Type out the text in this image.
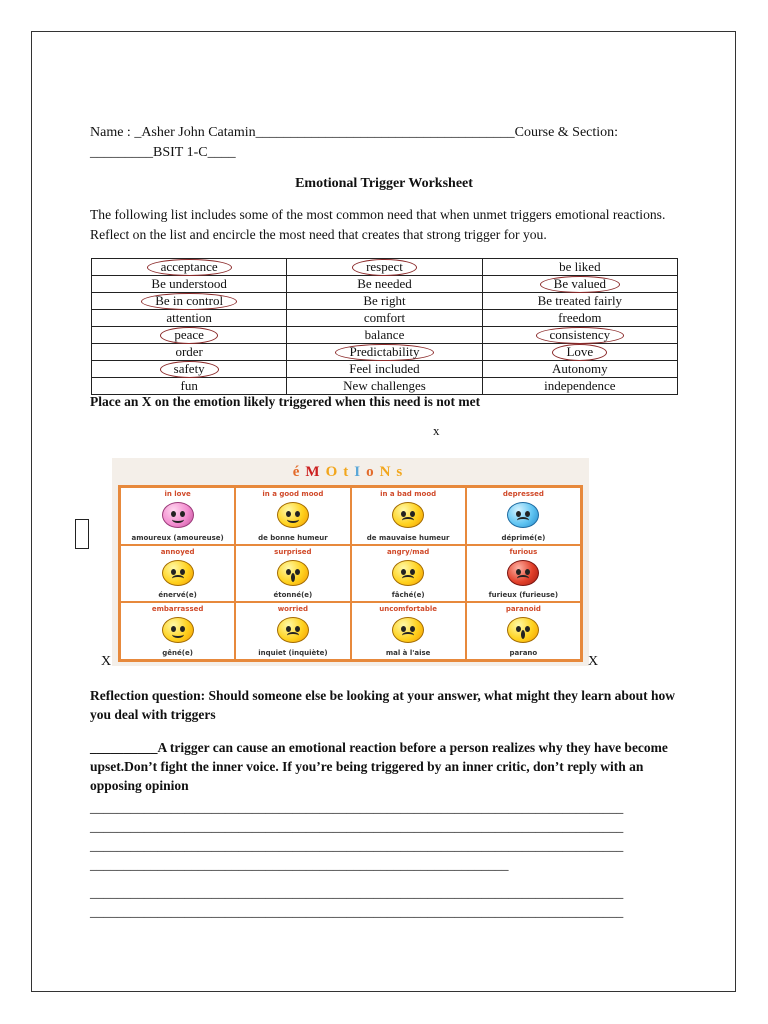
Name : _Asher John Catamin_____________________________________Course & Section:
_________BSIT 1-C____
Emotional Trigger Worksheet
The following list includes some of the most common need that when unmet triggers emotional reactions. Reflect on the list and encircle the most need that creates that strong trigger for you.
acceptance	respect	be liked
Be understood	Be needed	Be valued
Be in control	Be right	Be treated fairly
attention	comfort	freedom
peace	balance	consistency
order	Predictability	Love
safety	Feel included	Autonomy
fun	New challenges	independence
Place an X on the emotion likely triggered when this need is not met
x
éMOtIoNs
in love
amoureux (amoureuse)
in a good mood
de bonne humeur
in a bad mood
de mauvaise humeur
depressed
déprimé(e)
annoyed
énervé(e)
surprised
étonné(e)
angry/mad
fâché(e)
furious
furieux (furieuse)
embarrassed
gêné(e)
worried
inquiet (inquiète)
uncomfortable
mal à l'aise
paranoid
parano
X	X
Reflection question: Should someone else be looking at your answer, what might they learn about how you deal with triggers
__________A trigger can cause an emotional reaction before a person realizes why they have become upset.Don’t fight the inner voice. If you’re being triggered by an inner critic, don’t reply with an opposing opinion
_______________________________________________________________________________
_______________________________________________________________________________
_______________________________________________________________________________
______________________________________________________________
_______________________________________________________________________________
_______________________________________________________________________________
